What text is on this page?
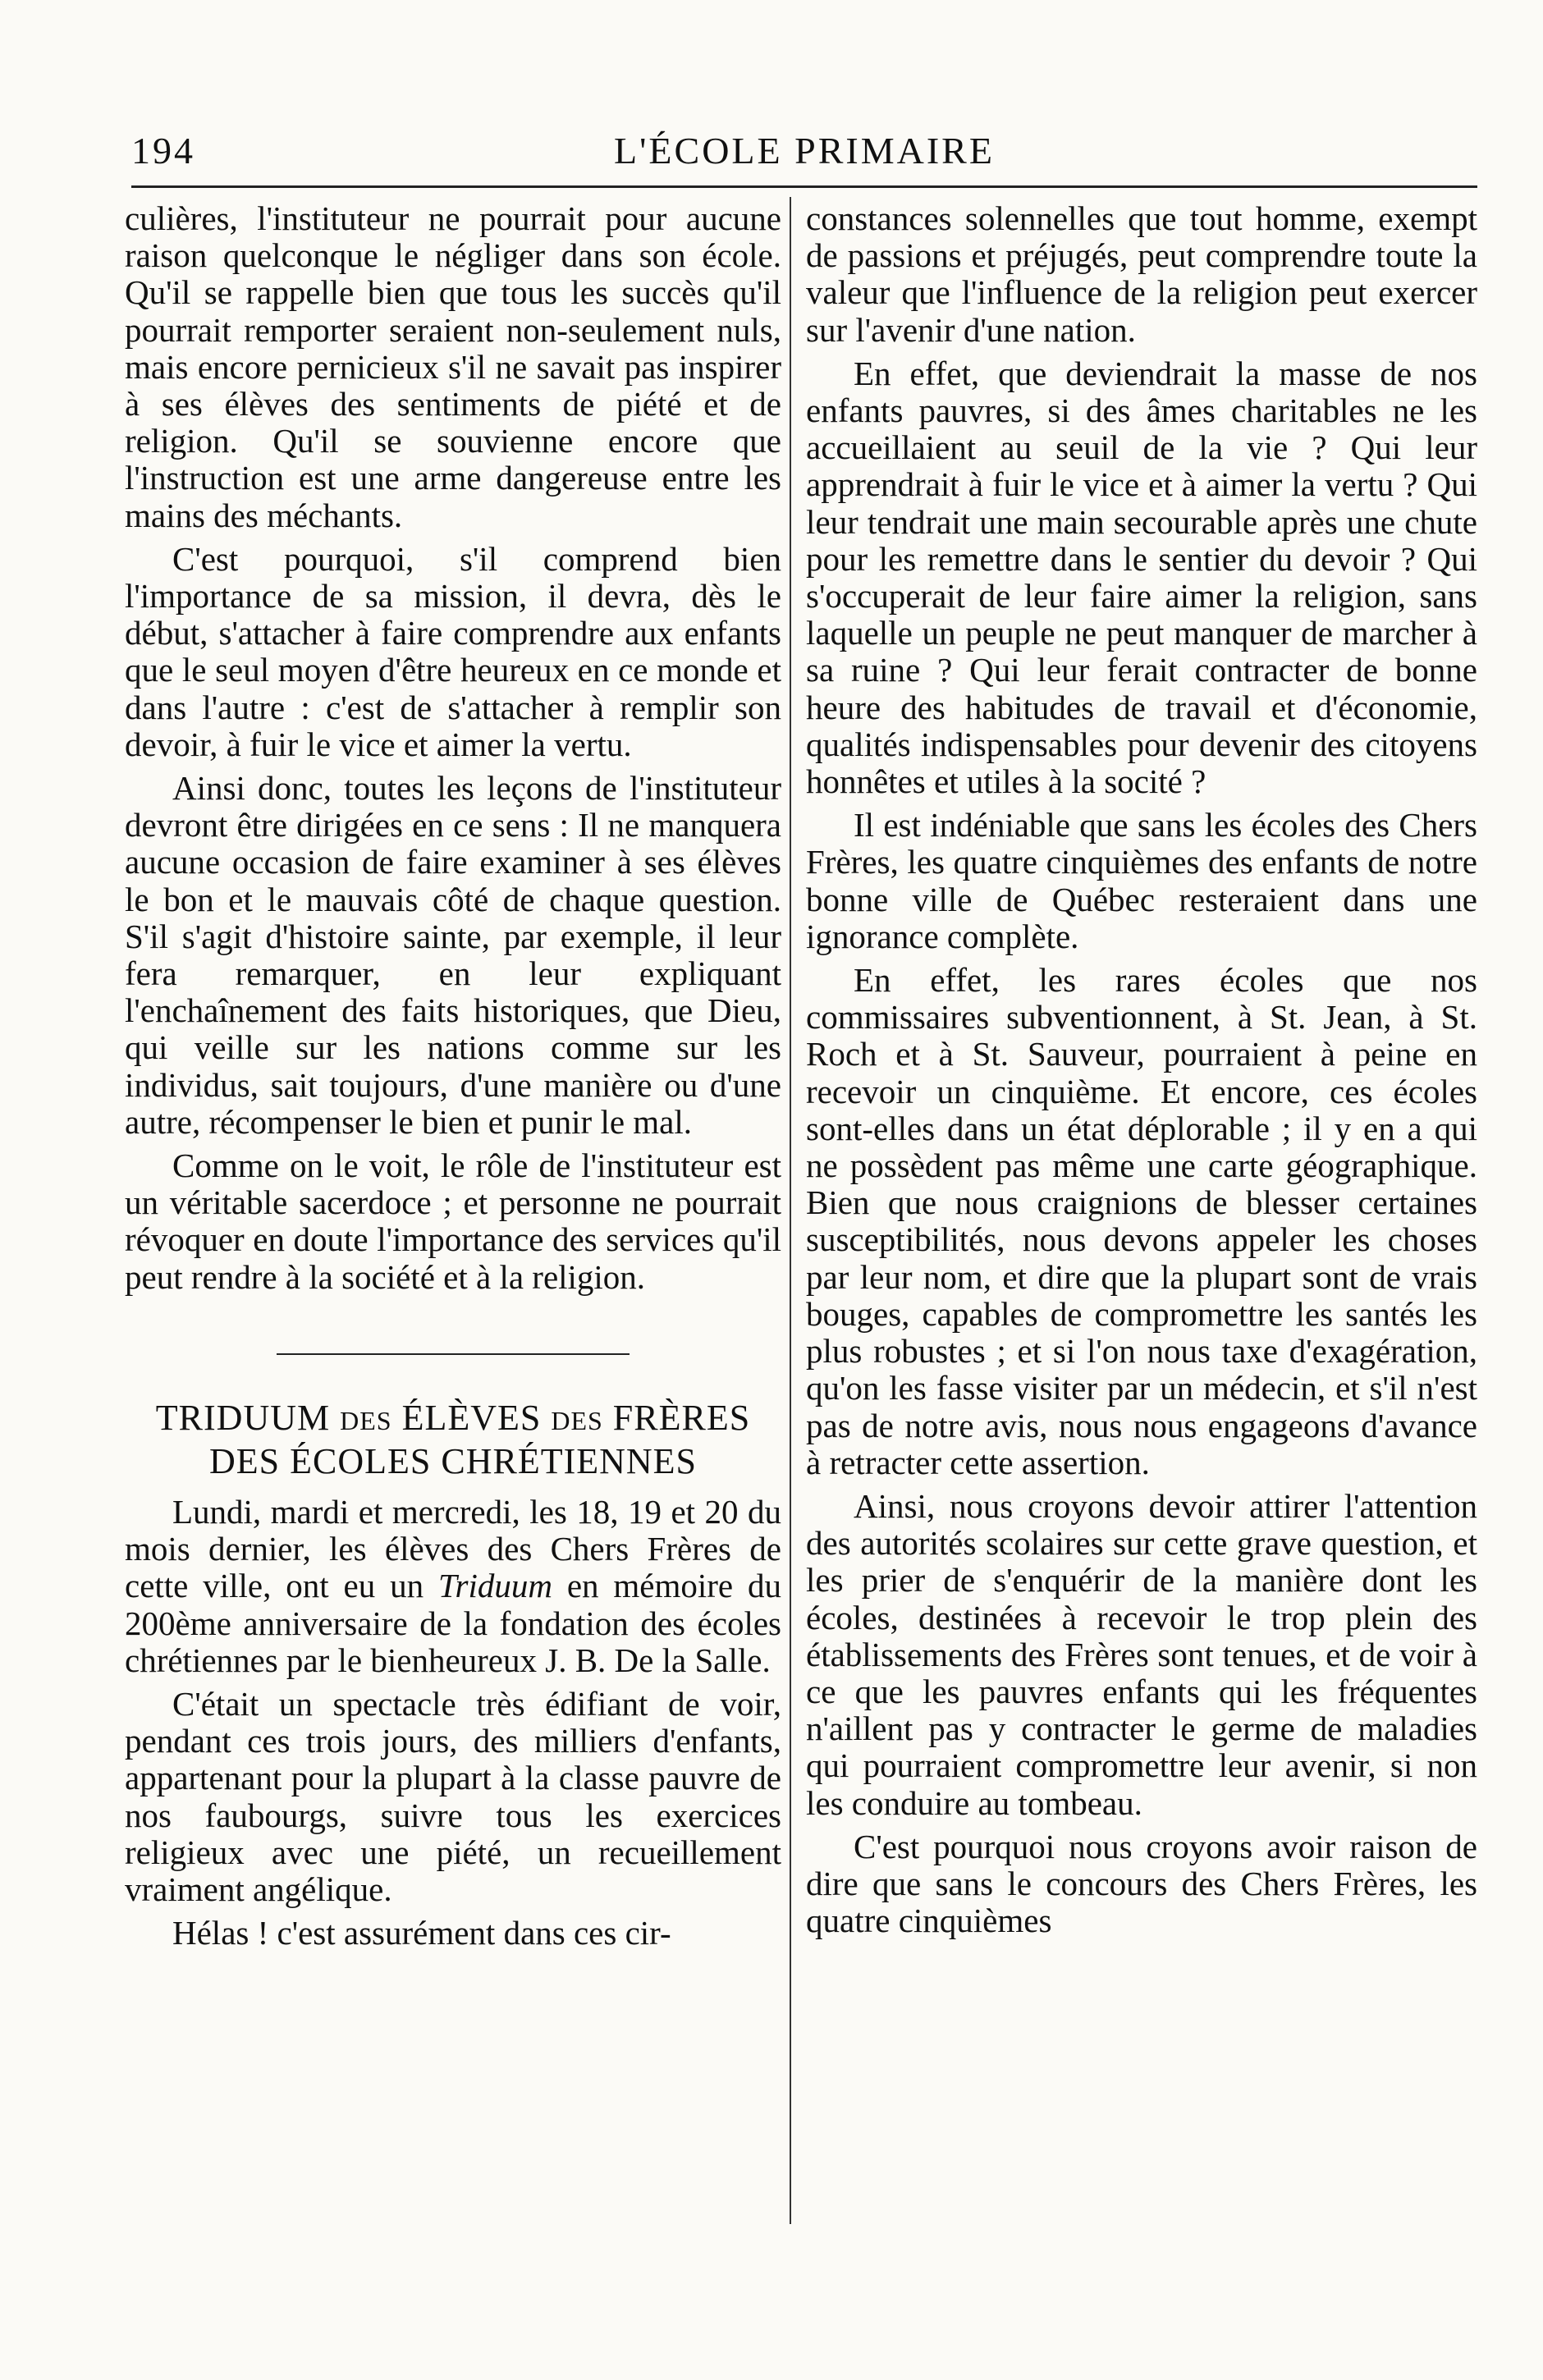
194	L'ÉCOLE PRIMAIRE

culières, l'instituteur ne pourrait pour aucune raison quelconque le négliger dans son école. Qu'il se rappelle bien que tous les succès qu'il pourrait remporter seraient non-seulement nuls, mais encore pernicieux s'il ne savait pas inspirer à ses élèves des sentiments de piété et de religion. Qu'il se souvienne encore que l'instruction est une arme dangereuse entre les mains des méchants.

C'est pourquoi, s'il comprend bien l'importance de sa mission, il devra, dès le début, s'attacher à faire comprendre aux enfants que le seul moyen d'être heureux en ce monde et dans l'autre : c'est de s'attacher à remplir son devoir, à fuir le vice et aimer la vertu.

Ainsi donc, toutes les leçons de l'instituteur devront être dirigées en ce sens : Il ne manquera aucune occasion de faire examiner à ses élèves le bon et le mauvais côté de chaque question. S'il s'agit d'histoire sainte, par exemple, il leur fera remarquer, en leur expliquant l'enchaînement des faits historiques, que Dieu, qui veille sur les nations comme sur les individus, sait toujours, d'une manière ou d'une autre, récompenser le bien et punir le mal.

Comme on le voit, le rôle de l'instituteur est un véritable sacerdoce ; et personne ne pourrait révoquer en doute l'importance des services qu'il peut rendre à la société et à la religion.

TRIDUUM DES ÉLÈVES DES FRÈRES
DES ÉCOLES CHRÉTIENNES

Lundi, mardi et mercredi, les 18, 19 et 20 du mois dernier, les élèves des Chers Frères de cette ville, ont eu un Triduum en mémoire du 200ème anniversaire de la fondation des écoles chrétiennes par le bienheureux J. B. De la Salle.

C'était un spectacle très édifiant de voir, pendant ces trois jours, des milliers d'enfants, appartenant pour la plupart à la classe pauvre de nos faubourgs, suivre tous les exercices religieux avec une piété, un recueillement vraiment angélique.

Hélas ! c'est assurément dans ces cir-

constances solennelles que tout homme, exempt de passions et préjugés, peut comprendre toute la valeur que l'influence de la religion peut exercer sur l'avenir d'une nation.

En effet, que deviendrait la masse de nos enfants pauvres, si des âmes charitables ne les accueillaient au seuil de la vie ? Qui leur apprendrait à fuir le vice et à aimer la vertu ? Qui leur tendrait une main secourable après une chute pour les remettre dans le sentier du devoir ? Qui s'occuperait de leur faire aimer la religion, sans laquelle un peuple ne peut manquer de marcher à sa ruine ? Qui leur ferait contracter de bonne heure des habitudes de travail et d'économie, qualités indispensables pour devenir des citoyens honnêtes et utiles à la socité ?

Il est indéniable que sans les écoles des Chers Frères, les quatre cinquièmes des enfants de notre bonne ville de Québec resteraient dans une ignorance complète.

En effet, les rares écoles que nos commissaires subventionnent, à St. Jean, à St. Roch et à St. Sauveur, pourraient à peine en recevoir un cinquième. Et encore, ces écoles sont-elles dans un état déplorable ; il y en a qui ne possèdent pas même une carte géographique. Bien que nous craignions de blesser certaines susceptibilités, nous devons appeler les choses par leur nom, et dire que la plupart sont de vrais bouges, capables de compromettre les santés les plus robustes ; et si l'on nous taxe d'exagération, qu'on les fasse visiter par un médecin, et s'il n'est pas de notre avis, nous nous engageons d'avance à retracter cette assertion.

Ainsi, nous croyons devoir attirer l'attention des autorités scolaires sur cette grave question, et les prier de s'enquérir de la manière dont les écoles, destinées à recevoir le trop plein des établissements des Frères sont tenues, et de voir à ce que les pauvres enfants qui les fréquentes n'aillent pas y contracter le germe de maladies qui pourraient compromettre leur avenir, si non les conduire au tombeau.

C'est pourquoi nous croyons avoir raison de dire que sans le concours des Chers Frères, les quatre cinquièmes
